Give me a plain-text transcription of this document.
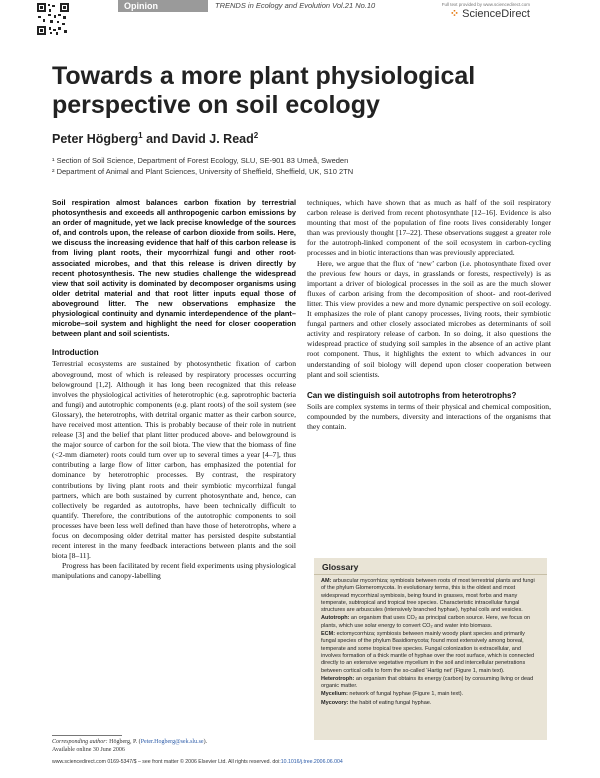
Opinion	TRENDS in Ecology and Evolution Vol.21 No.10	Full text provided by www.sciencedirect.com
⁘ ScienceDirect
Towards a more plant physiological perspective on soil ecology
Peter Högberg$^1$ and David J. Read$^2$
¹ Section of Soil Science, Department of Forest Ecology, SLU, SE-901 83 Umeå, Sweden
² Department of Animal and Plant Sciences, University of Sheffield, Sheffield, UK, S10 2TN

Soil respiration almost balances carbon fixation by terrestrial photosynthesis and exceeds all anthropogenic carbon emissions by an order of magnitude, yet we lack precise knowledge of the sources of, and controls upon, the release of carbon dioxide from soils. Here, we discuss the increasing evidence that half of this carbon release is from living plant roots, their mycorrhizal fungi and other root-associated microbes, and that this release is driven directly by recent photosynthesis. The new studies challenge the widespread view that soil activity is dominated by decomposer organisms using older detrital material and that root litter inputs equal those of aboveground litter. The new observations emphasize the physiological continuity and dynamic interdependence of the plant–microbe–soil system and highlight the need for closer cooperation between plant and soil scientists.

Introduction

Terrestrial ecosystems are sustained by photosynthetic fixation of carbon aboveground, most of which is released by respiratory processes occurring belowground [1,2]. Although it has long been recognized that this release involves the physiological activities of heterotrophic (e.g. saprotrophic bacteria and fungi) and autotrophic components (e.g. plant roots) of the soil system (see Glossary), the heterotrophs, with detrital organic matter as their carbon source, have received most attention. This is probably because of their role in nutrient release [3] and the belief that plant litter produced above- and belowground is the major source of carbon for the soil biota. The view that the biomass of fine (<2-mm diameter) roots could turn over up to several times a year [4–7], thus contributing a large flow of litter carbon, has emphasized the potential for dominance by heterotrophic processes. By contrast, the respiratory contributions by living plant roots and their symbiotic mycorrhizal fungal partners, which are both sustained by current photosynthate and, hence, can collectively be regarded as autotrophs, have been technically difficult to quantify. Therefore, the contributions of the autotrophic components to soil processes have been less well defined than have those of heterotrophs, where a focus on decomposing older detrital matter has persisted despite substantial recent interest in the many feedback interactions between plants and the soil biota [8–11].

Progress has been facilitated by recent field experiments using physiological manipulations and canopy-labelling

techniques, which have shown that as much as half of the soil respiratory carbon release is derived from recent photosynthate [12–16]. Evidence is also mounting that most of the population of fine roots lives considerably longer than was previously thought [17–22]. These observations suggest a greater role for the autotroph-linked component of the soil ecosystem in carbon-cycling processes and in biotic interactions than was previously appreciated.

Here, we argue that the flux of ‘new’ carbon (i.e. photosynthate fixed over the previous few hours or days, in grasslands or forests, respectively) is as important a driver of biological processes in the soil as are the much slower fluxes of carbon arising from the decomposition of shoot- and root-derived litter. This view provides a new and more dynamic perspective on soil ecology. It emphasizes the role of plant canopy processes, living roots, their symbiotic fungal partners and other closely associated microbes as determinants of soil activity and respiratory release of carbon. In so doing, it also questions the widespread practice of studying soil samples in the absence of an active plant root component. Thus, it highlights the extent to which advances in our understanding of soil biology will depend upon closer cooperation between plant and soil scientists.

Can we distinguish soil autotrophs from heterotrophs?

Soils are complex systems in terms of their physical and chemical composition, compounded by the numbers, diversity and interactions of the organisms that they contain.

Glossary

AM: arbuscular mycorrhiza; symbiosis between roots of most terrestrial plants and fungi of the phylum Glomeromycota. In evolutionary terms, this is the oldest and most widespread mycorrhizal symbiosis, being found in grasses, most forbs and many temperate, subtropical and tropical tree species. Characteristic intracellular fungal structures are arbuscules (intensively branched hyphae), hyphal coils and vesicles.

Autotroph: an organism that uses CO₂ as principal carbon source. Here, we focus on plants, which use solar energy to convert CO₂ and water into biomass.

ECM: ectomycorrhiza; symbiosis between mainly woody plant species and primarily fungal species of the phylum Basidiomycota; found most extensively among boreal, temperate and some tropical tree species. Fungal colonization is extracellular, and involves formation of a thick mantle of hyphae over the root surface, which is connected directly to an extensive vegetative mycelium in the soil and intercellular penetrations between cortical cells to form the so-called ‘Hartig net’ (Figure 1, main text).

Heterotroph: an organism that obtains its energy (carbon) by consuming living or dead organic matter.

Mycelium: network of fungal hyphae (Figure 1, main text).

Mycovory: the habit of eating fungal hyphae.

Corresponding author: Högberg, P. (Peter.Hogberg@sek.slu.se).
Available online 30 June 2006
www.sciencedirect.com 0169-5347/$ – see front matter © 2006 Elsevier Ltd. All rights reserved. doi:10.1016/j.tree.2006.06.004
